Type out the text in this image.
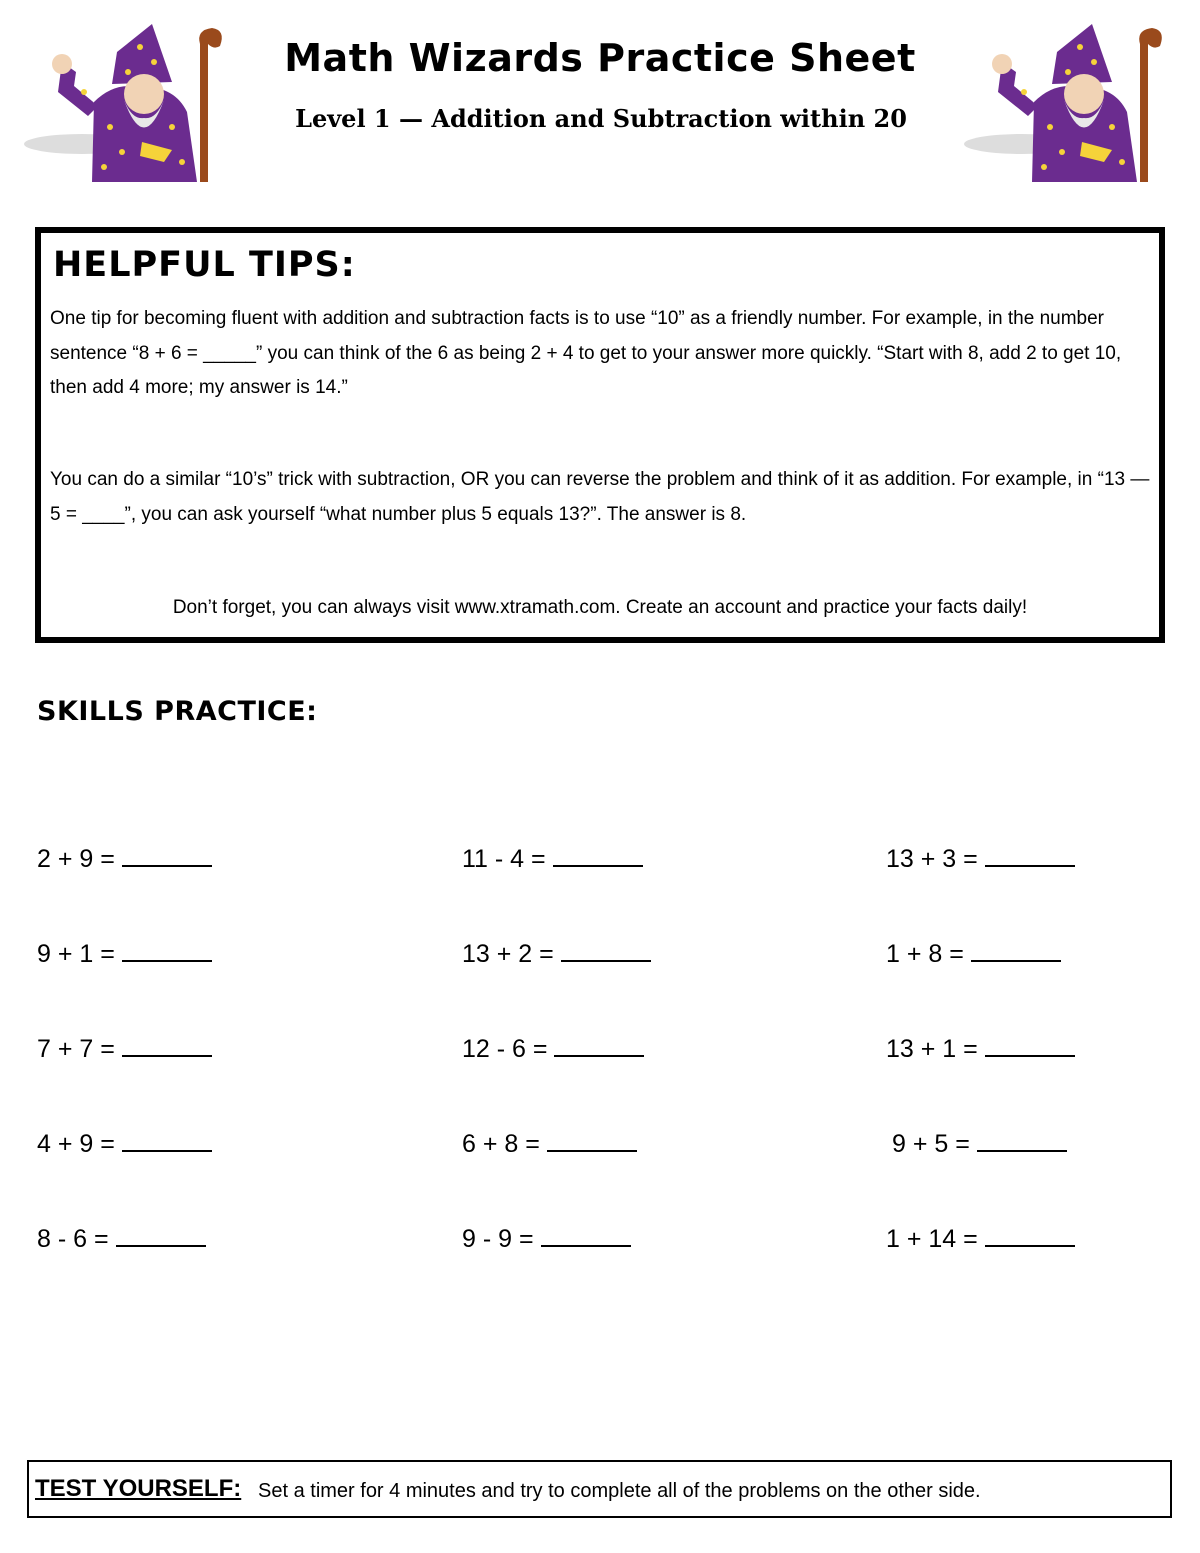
Math Wizards Practice Sheet
Level 1 — Addition and Subtraction within 20
HELPFUL TIPS:
One tip for becoming fluent with addition and subtraction facts is to use “10” as a friendly number. For example, in the number sentence “8 + 6 = _____” you can think of the 6 as being 2 + 4 to get to your answer more quickly. “Start with 8, add 2 to get 10, then add 4 more; my answer is 14.”
You can do a similar “10’s” trick with subtraction, OR you can reverse the problem and think of it as addition. For example, in “13 — 5 = ____”, you can ask yourself “what number plus 5 equals 13?”. The answer is 8.
Don’t forget, you can always visit www.xtramath.com. Create an account and practice your facts daily!
SKILLS PRACTICE:
2 + 9 =	11 - 4 =	13 + 3 =
9 + 1 =	13 + 2 =	1 + 8 =
7 + 7 =	12 - 6 =	13 + 1 =
4 + 9 =	6 + 8 =	9 + 5 =
8 - 6 =	9 - 9 =	1 + 14 =
TEST YOURSELF: Set a timer for 4 minutes and try to complete all of the problems on the other side.
